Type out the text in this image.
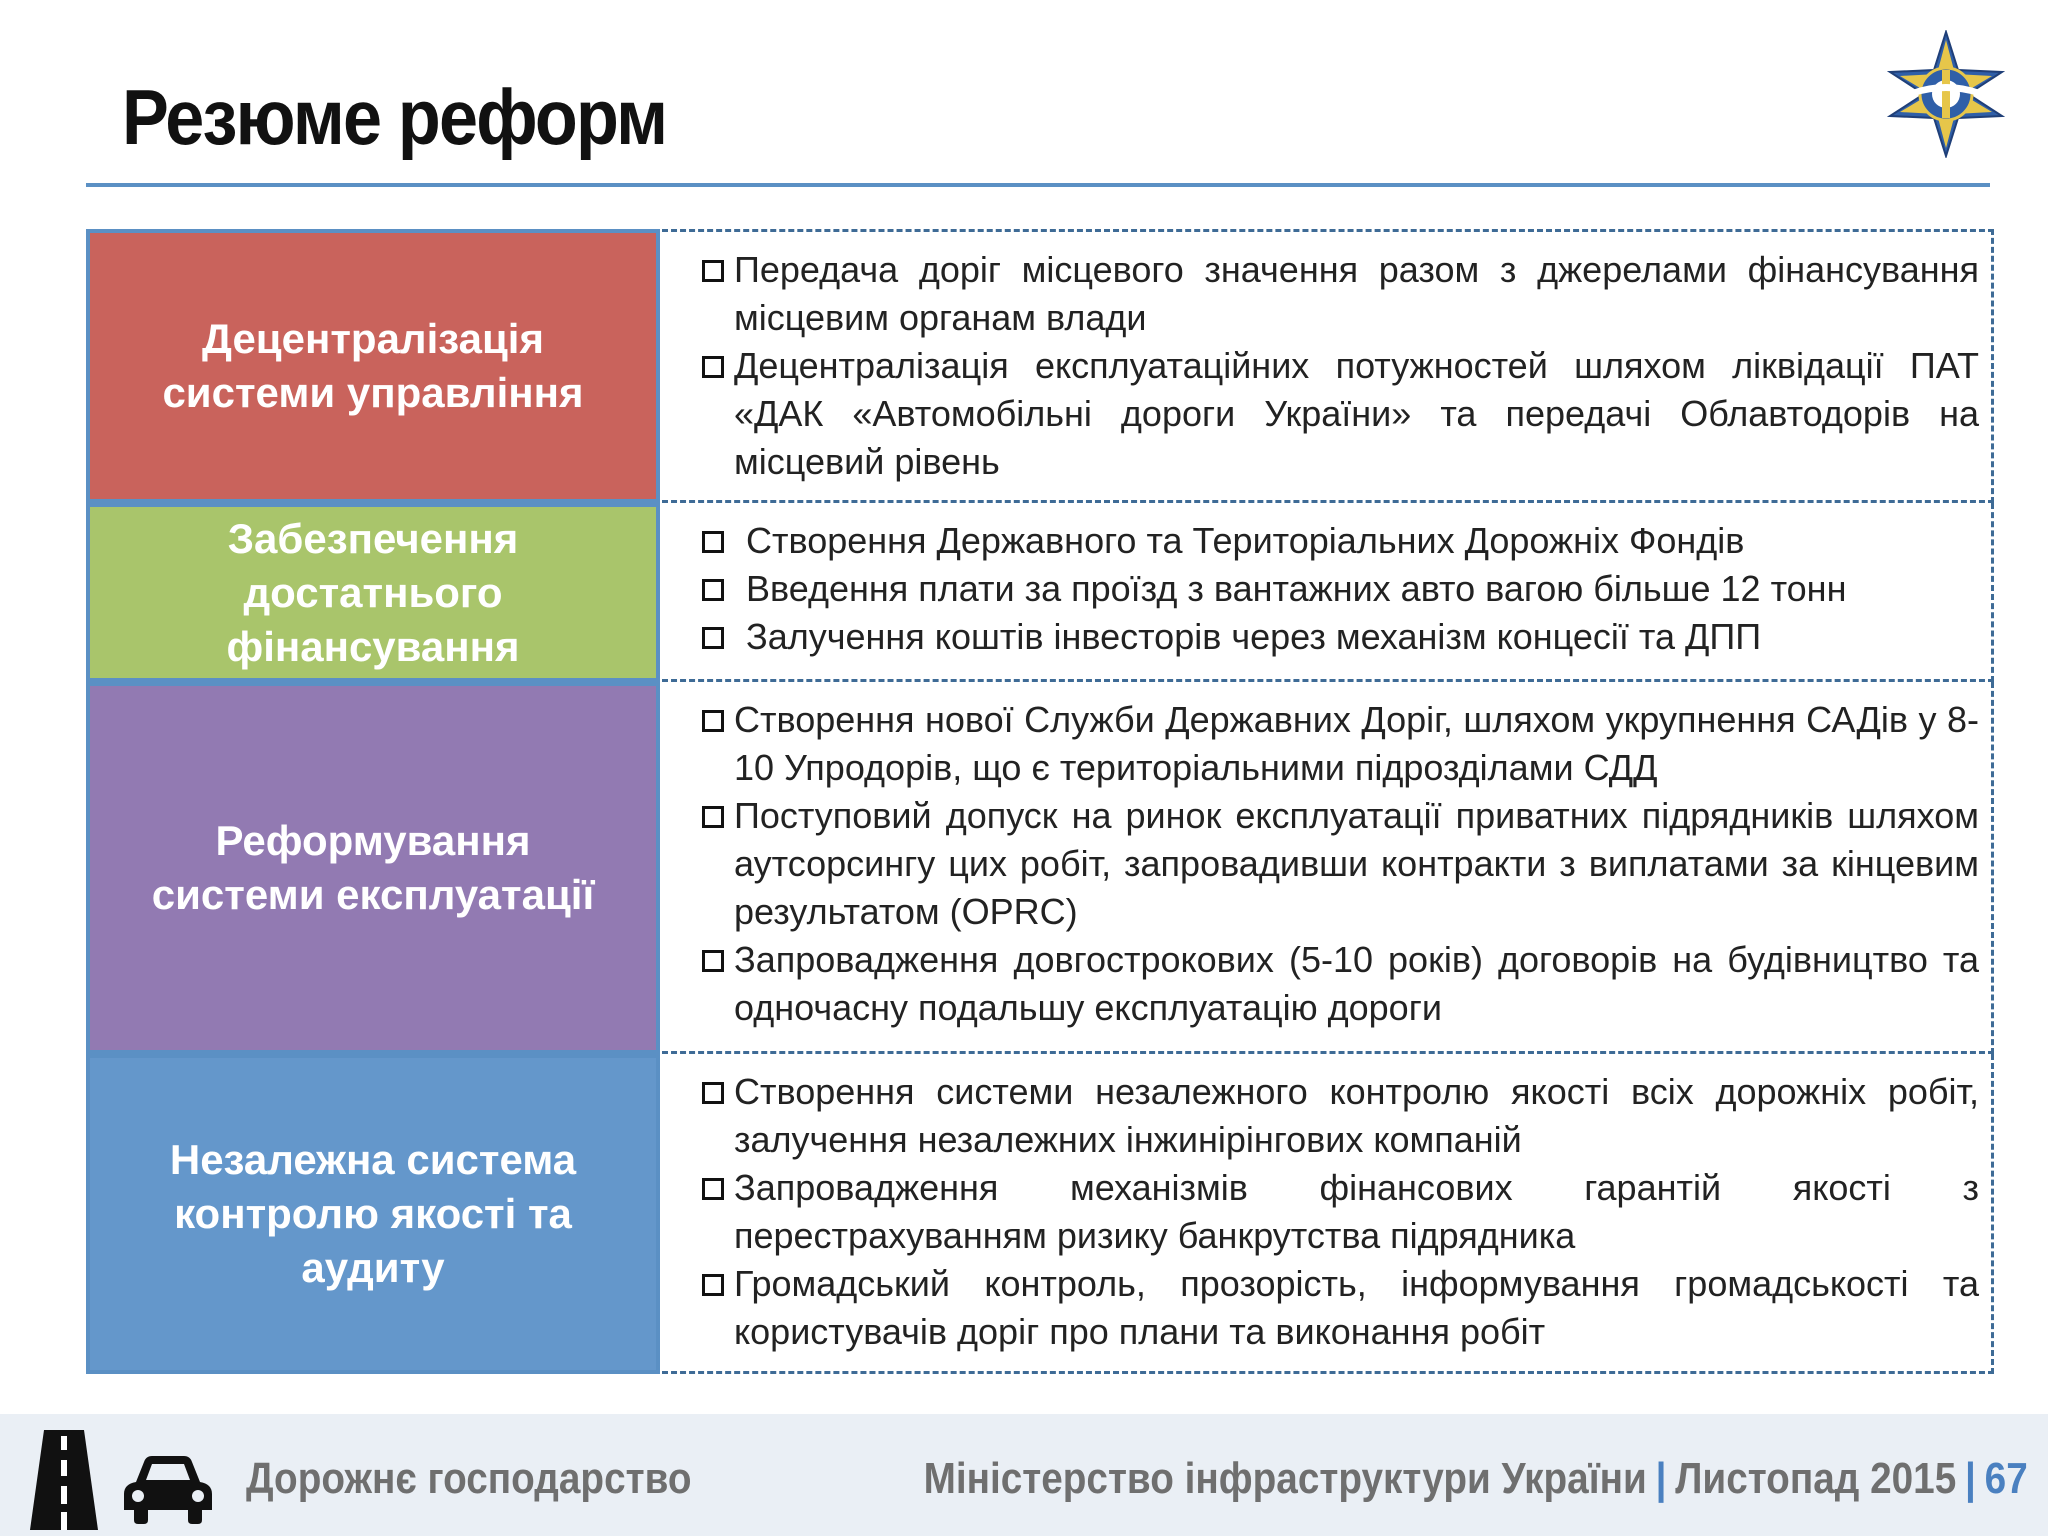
Резюме реформ
Децентралізація
системи управління
Передача доріг місцевого значення разом з джерелами фінансування місцевим органам влади
Децентралізація експлуатаційних потужностей шляхом ліквідації ПАТ «ДАК «Автомобільні дороги України» та передачі Облавтодорів на місцевий рівень
Забезпечення
достатнього
фінансування
Створення Державного та Територіальних Дорожніх Фондів
Введення плати за проїзд з вантажних авто вагою більше 12 тонн
Залучення коштів інвесторів через механізм концесії та ДПП
Реформування
системи експлуатації
Створення нової Служби Державних Доріг, шляхом укрупнення САДів у 8-10 Упродорів, що є територіальними підрозділами СДД
Поступовий допуск на ринок експлуатації приватних підрядників шляхом аутсорсингу цих робіт, запровадивши контракти з виплатами за кінцевим результатом (OPRC)
Запровадження довгострокових (5-10 років) договорів на будівництво та одночасну подальшу експлуатацію дороги
Незалежна система
контролю якості та
аудиту
Створення системи незалежного контролю якості всіх дорожніх робіт, залучення незалежних інжинірінгових компаній
Запровадження механізмів фінансових гарантій якості з перестрахуванням ризику банкрутства підрядника
Громадський контроль, прозорість, інформування громадськості та користувачів доріг про плани та виконання робіт
Дорожнє господарство	Міністерство інфраструктури України | Листопад 2015 | 67
